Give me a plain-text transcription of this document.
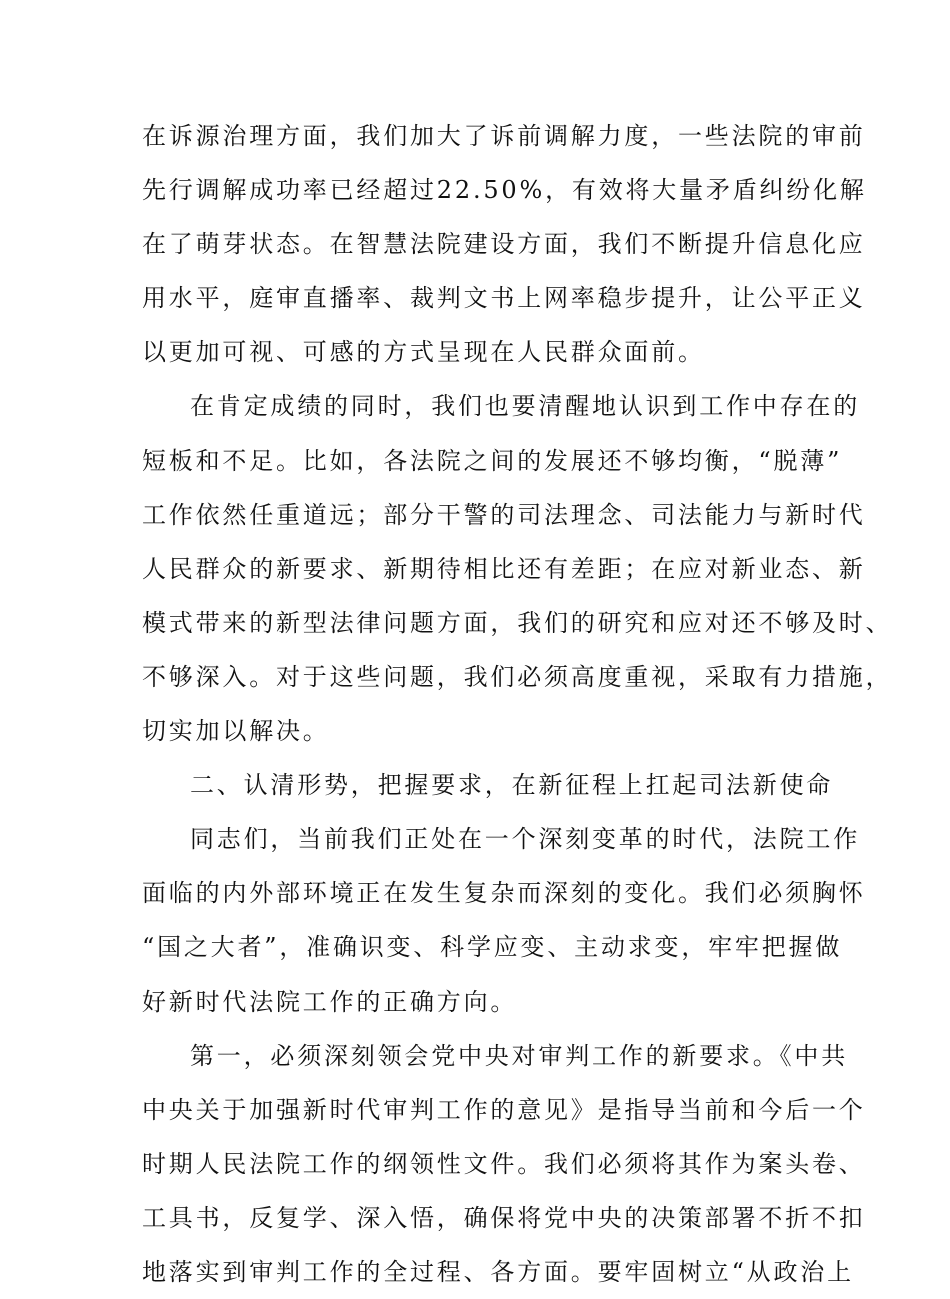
在诉源治理方面，我们加大了诉前调解力度，一些法院的审前
先行调解成功率已经超过22.50%，有效将大量矛盾纠纷化解
在了萌芽状态。在智慧法院建设方面，我们不断提升信息化应
用水平，庭审直播率、裁判文书上网率稳步提升，让公平正义
以更加可视、可感的方式呈现在人民群众面前。
在肯定成绩的同时，我们也要清醒地认识到工作中存在的
短板和不足。比如，各法院之间的发展还不够均衡，“脱薄”
工作依然任重道远；部分干警的司法理念、司法能力与新时代
人民群众的新要求、新期待相比还有差距；在应对新业态、新
模式带来的新型法律问题方面，我们的研究和应对还不够及时、
不够深入。对于这些问题，我们必须高度重视，采取有力措施，
切实加以解决。
二、认清形势，把握要求，在新征程上扛起司法新使命
同志们，当前我们正处在一个深刻变革的时代，法院工作
面临的内外部环境正在发生复杂而深刻的变化。我们必须胸怀
“国之大者”，准确识变、科学应变、主动求变，牢牢把握做
好新时代法院工作的正确方向。
第一，必须深刻领会党中央对审判工作的新要求。《中共
中央关于加强新时代审判工作的意见》是指导当前和今后一个
时期人民法院工作的纲领性文件。我们必须将其作为案头卷、
工具书，反复学、深入悟，确保将党中央的决策部署不折不扣
地落实到审判工作的全过程、各方面。要牢固树立“从政治上
